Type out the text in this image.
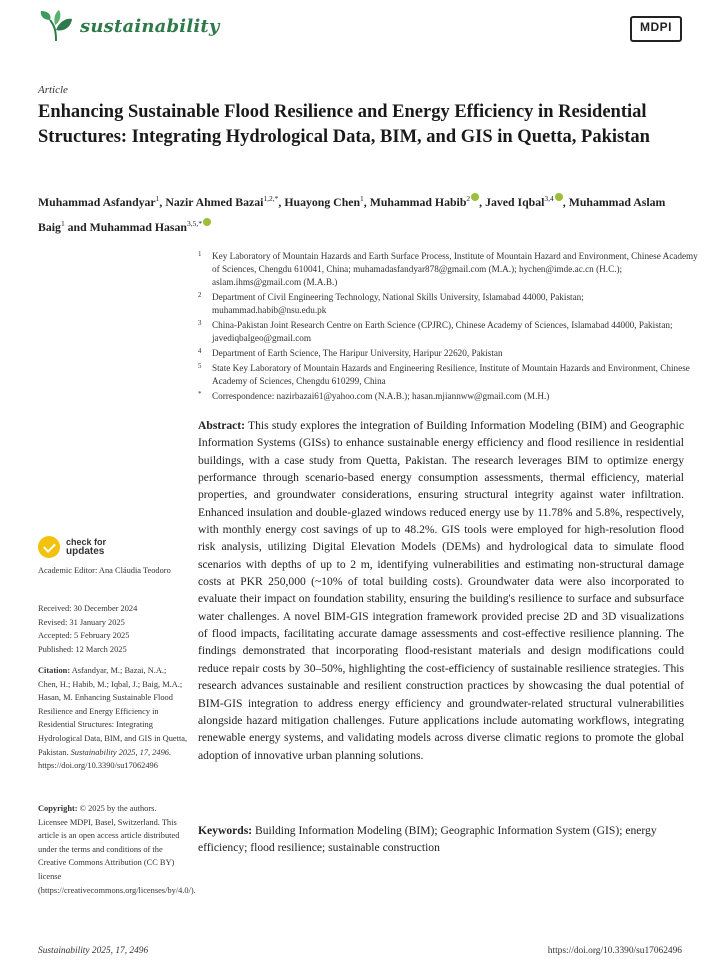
sustainability	MDPI
Article
Enhancing Sustainable Flood Resilience and Energy Efficiency in Residential Structures: Integrating Hydrological Data, BIM, and GIS in Quetta, Pakistan
Muhammad Asfandyar$^1$, Nazir Ahmed Bazai$^{1,2,*}$, Huayong Chen$^1$, Muhammad Habib$^2$ , Javed Iqbal$^{3,4}$ , Muhammad Aslam Baig$^1$ and Muhammad Hasan$^{3,5,*}$
1 Key Laboratory of Mountain Hazards and Earth Surface Process, Institute of Mountain Hazard and Environment, Chinese Academy of Sciences, Chengdu 610041, China; muhamadasfandyar878@gmail.com (M.A.); hychen@imde.ac.cn (H.C.); aslam.ihms@gmail.com (M.A.B.)
2 Department of Civil Engineering Technology, National Skills University, Islamabad 44000, Pakistan; muhammad.habib@nsu.edu.pk
3 China-Pakistan Joint Research Centre on Earth Science (CPJRC), Chinese Academy of Sciences, Islamabad 44000, Pakistan; javediqbalgeo@gmail.com
4 Department of Earth Science, The Haripur University, Haripur 22620, Pakistan
5 State Key Laboratory of Mountain Hazards and Engineering Resilience, Institute of Mountain Hazards and Environment, Chinese Academy of Sciences, Chengdu 610299, China
* Correspondence: nazirbazai61@yahoo.com (N.A.B.); hasan.mjiannww@gmail.com (M.H.)
check for
updates
Academic Editor: Ana Cláudia Teodoro
Received: 30 December 2024
Revised: 31 January 2025
Accepted: 5 February 2025
Published: 12 March 2025
Citation: Asfandyar, M.; Bazai, N.A.; Chen, H.; Habib, M.; Iqbal, J.; Baig, M.A.; Hasan, M. Enhancing Sustainable Flood Resilience and Energy Efficiency in Residential Structures: Integrating Hydrological Data, BIM, and GIS in Quetta, Pakistan. Sustainability 2025, 17, 2496. https://doi.org/10.3390/su17062496
Copyright: © 2025 by the authors. Licensee MDPI, Basel, Switzerland. This article is an open access article distributed under the terms and conditions of the Creative Commons Attribution (CC BY) license (https://creativecommons.org/licenses/by/4.0/).
Abstract: This study explores the integration of Building Information Modeling (BIM) and Geographic Information Systems (GISs) to enhance sustainable energy efficiency and flood resilience in residential buildings, with a case study from Quetta, Pakistan. The research leverages BIM to optimize energy performance through scenario-based energy consumption assessments, thermal efficiency, material properties, and groundwater considerations, ensuring structural integrity against water infiltration. Enhanced insulation and double-glazed windows reduced energy use by 11.78% and 5.8%, respectively, with monthly energy cost savings of up to 48.2%. GIS tools were employed for high-resolution flood risk analysis, utilizing Digital Elevation Models (DEMs) and hydrological data to simulate flood scenarios with depths of up to 2 m, identifying vulnerabilities and estimating non-structural damage costs at PKR 250,000 (~10% of total building costs). Groundwater data were also incorporated to evaluate their impact on foundation stability, ensuring the building's resilience to surface and subsurface water challenges. A novel BIM-GIS integration framework provided precise 2D and 3D visualizations of flood impacts, facilitating accurate damage assessments and cost-effective resilience planning. The findings demonstrated that incorporating flood-resistant materials and design modifications could reduce repair costs by 30–50%, highlighting the cost-efficiency of sustainable resilience strategies. This research advances sustainable and resilient construction practices by showcasing the dual potential of BIM-GIS integration to address energy efficiency and groundwater-related structural vulnerabilities alongside hazard mitigation challenges. Future applications include automating workflows, integrating renewable energy systems, and validating models across diverse climatic regions to promote the global adoption of innovative urban planning solutions.
Keywords: Building Information Modeling (BIM); Geographic Information System (GIS); energy efficiency; flood resilience; sustainable construction
Sustainability 2025, 17, 2496	https://doi.org/10.3390/su17062496
